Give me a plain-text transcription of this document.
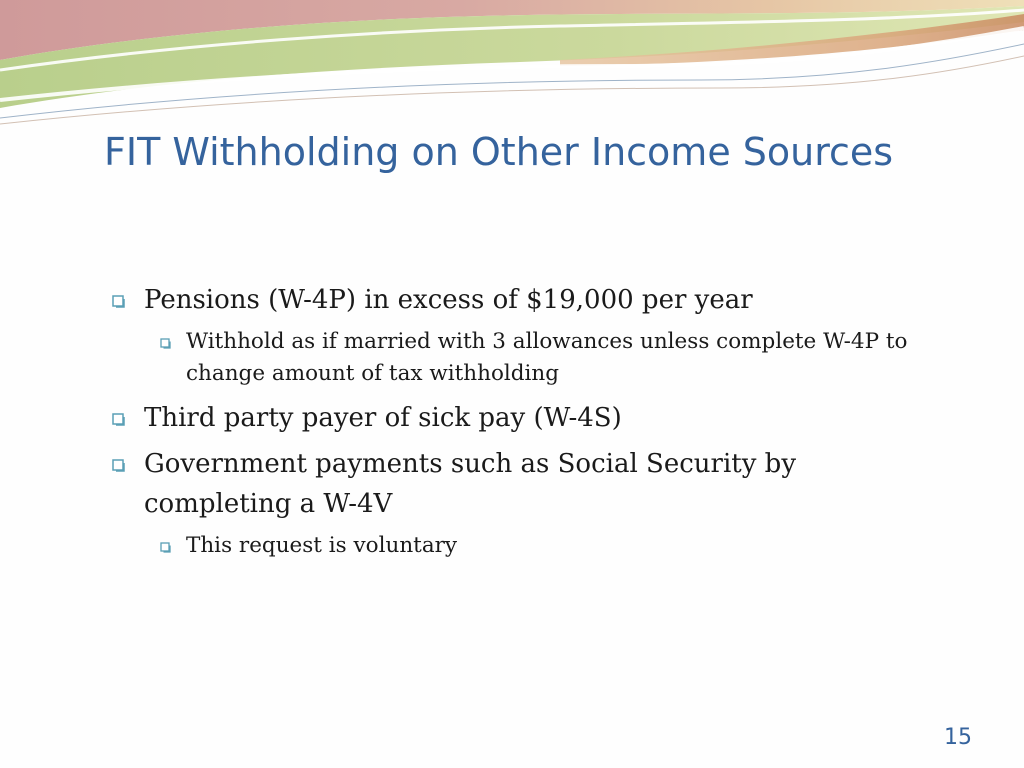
FIT Withholding on Other Income Sources
Pensions (W-4P) in excess of $19,000 per year
Withhold as if married with 3 allowances unless complete W-4P to change amount of tax withholding
Third party payer of sick pay (W-4S)
Government payments such as Social Security by completing a W-4V
This request is voluntary
15
